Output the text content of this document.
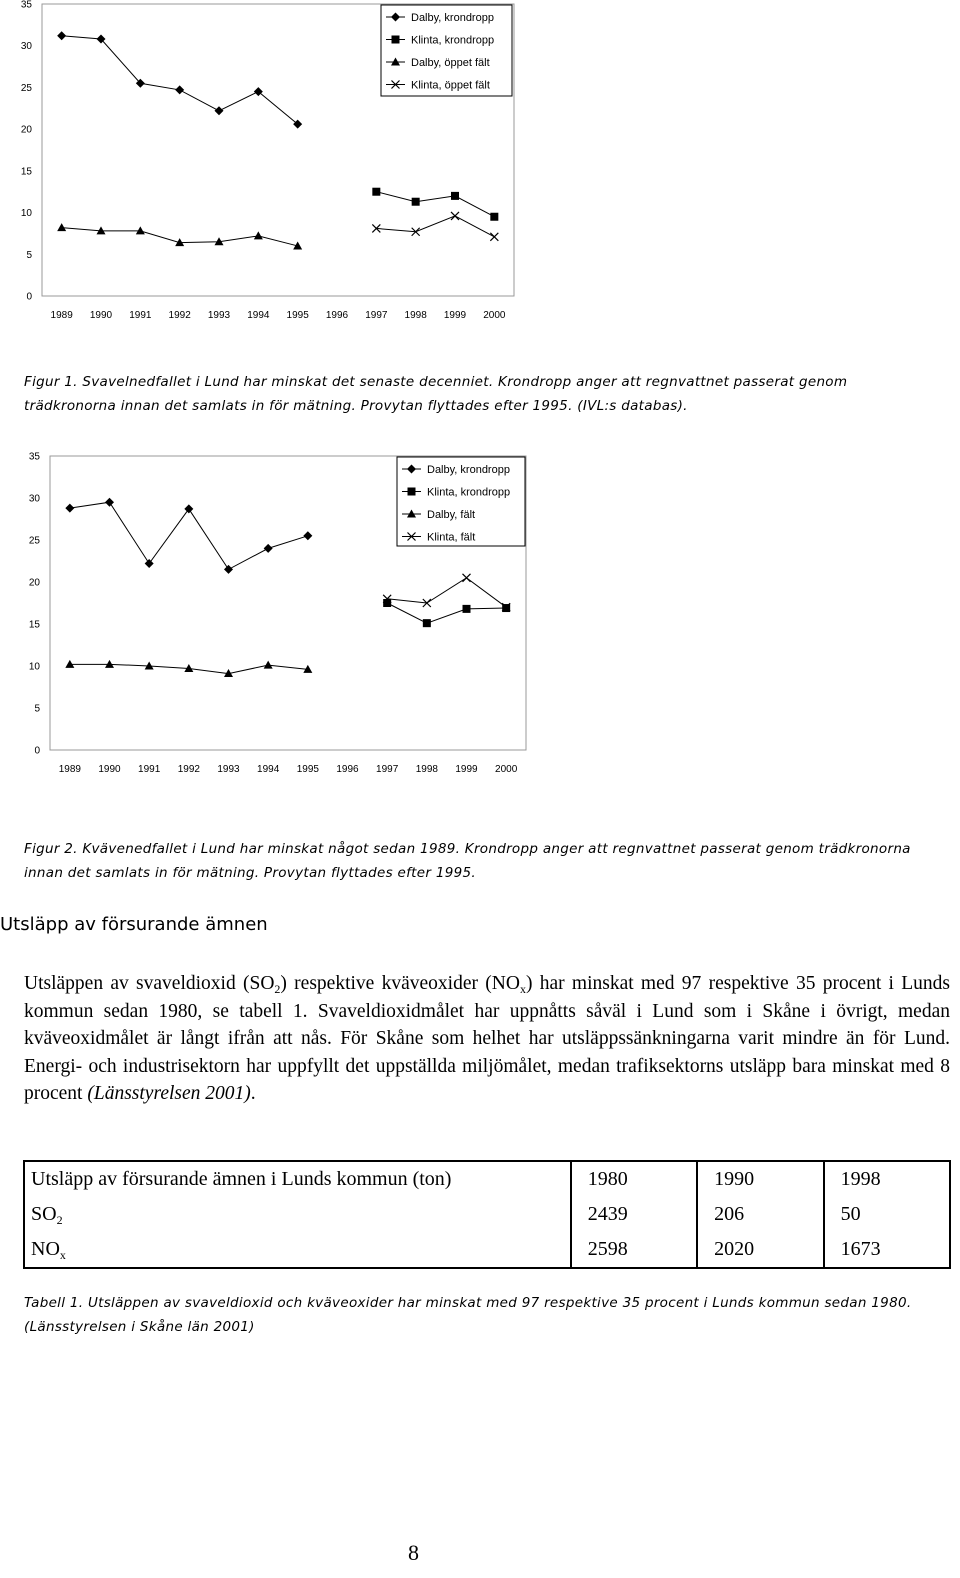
0
5
10
15
20
25
30
35
1989 1990 1991 1992 1993 1994 1995 1996 1997 1998 1999 2000
Dalby, krondropp
Klinta, krondropp
Dalby, öppet fält
Klinta, öppet fält

Figur 1. Svavelnedfallet i Lund har minskat det senaste decenniet. Krondropp anger att regnvattnet passerat genom trädkronorna innan det samlats in för mätning. Provytan flyttades efter 1995. (IVL:s databas).

0
5
10
15
20
25
30
35
1989 1990 1991 1992 1993 1994 1995 1996 1997 1998 1999 2000
Dalby, krondropp
Klinta, krondropp
Dalby, fält
Klinta, fält

Figur 2. Kvävenedfallet i Lund har minskat något sedan 1989. Krondropp anger att regnvattnet passerat genom trädkronorna innan det samlats in för mätning. Provytan flyttades efter 1995.

Utsläpp av försurande ämnen

Utsläppen av svaveldioxid $(SO_2)$ respektive kväveoxider $(NO_x)$ har minskat med 97 respektive 35 procent i Lunds kommun sedan 1980, se tabell 1. Svaveldioxidmålet har uppnåtts såväl i Lund som i Skåne i övrigt, medan kväveoxidmålet är långt ifrån att nås. För Skåne som helhet har utsläppssänkningarna varit mindre än för Lund. Energi- och industrisektorn har uppfyllt det uppställda miljömålet, medan trafiksektorns utsläpp bara minskat med 8 procent (Länsstyrelsen 2001).

Utsläpp av försurande ämnen i Lunds kommun (ton)	1980	1990	1998
$SO_2$	2439	206	50
$NO_x$	2598	2020	1673

Tabell 1. Utsläppen av svaveldioxid och kväveoxider har minskat med 97 respektive 35 procent i Lunds kommun sedan 1980. (Länsstyrelsen i Skåne län 2001)

8
